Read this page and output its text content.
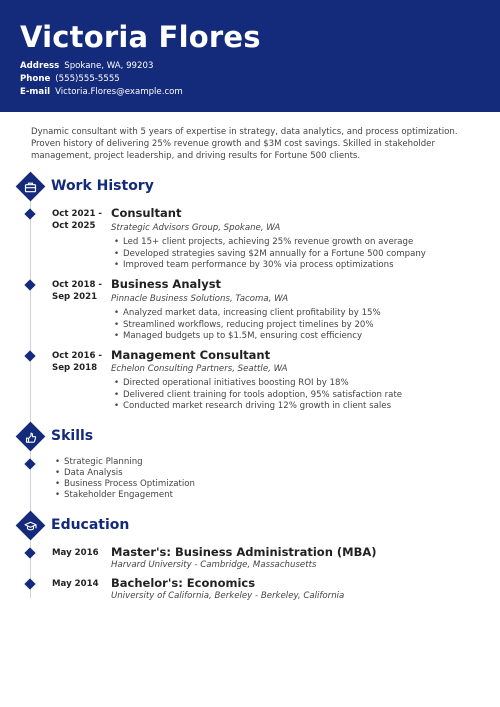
Victoria Flores
Address Spokane, WA, 99203
Phone (555)555-5555
E-mail Victoria.Flores@example.com
Dynamic consultant with 5 years of expertise in strategy, data analytics, and process optimization. Proven history of delivering 25% revenue growth and $3M cost savings. Skilled in stakeholder management, project leadership, and driving results for Fortune 500 clients.
Work History
Oct 2021 -
Oct 2025
Consultant
Strategic Advisors Group, Spokane, WA
• Led 15+ client projects, achieving 25% revenue growth on average
• Developed strategies saving $2M annually for a Fortune 500 company
• Improved team performance by 30% via process optimizations
Oct 2018 -
Sep 2021
Business Analyst
Pinnacle Business Solutions, Tacoma, WA
• Analyzed market data, increasing client profitability by 15%
• Streamlined workflows, reducing project timelines by 20%
• Managed budgets up to $1.5M, ensuring cost efficiency
Oct 2016 -
Sep 2018
Management Consultant
Echelon Consulting Partners, Seattle, WA
• Directed operational initiatives boosting ROI by 18%
• Delivered client training for tools adoption, 95% satisfaction rate
• Conducted market research driving 12% growth in client sales
Skills
• Strategic Planning
• Data Analysis
• Business Process Optimization
• Stakeholder Engagement
Education
May 2016 Master's: Business Administration (MBA)
Harvard University - Cambridge, Massachusetts
May 2014 Bachelor's: Economics
University of California, Berkeley - Berkeley, California
